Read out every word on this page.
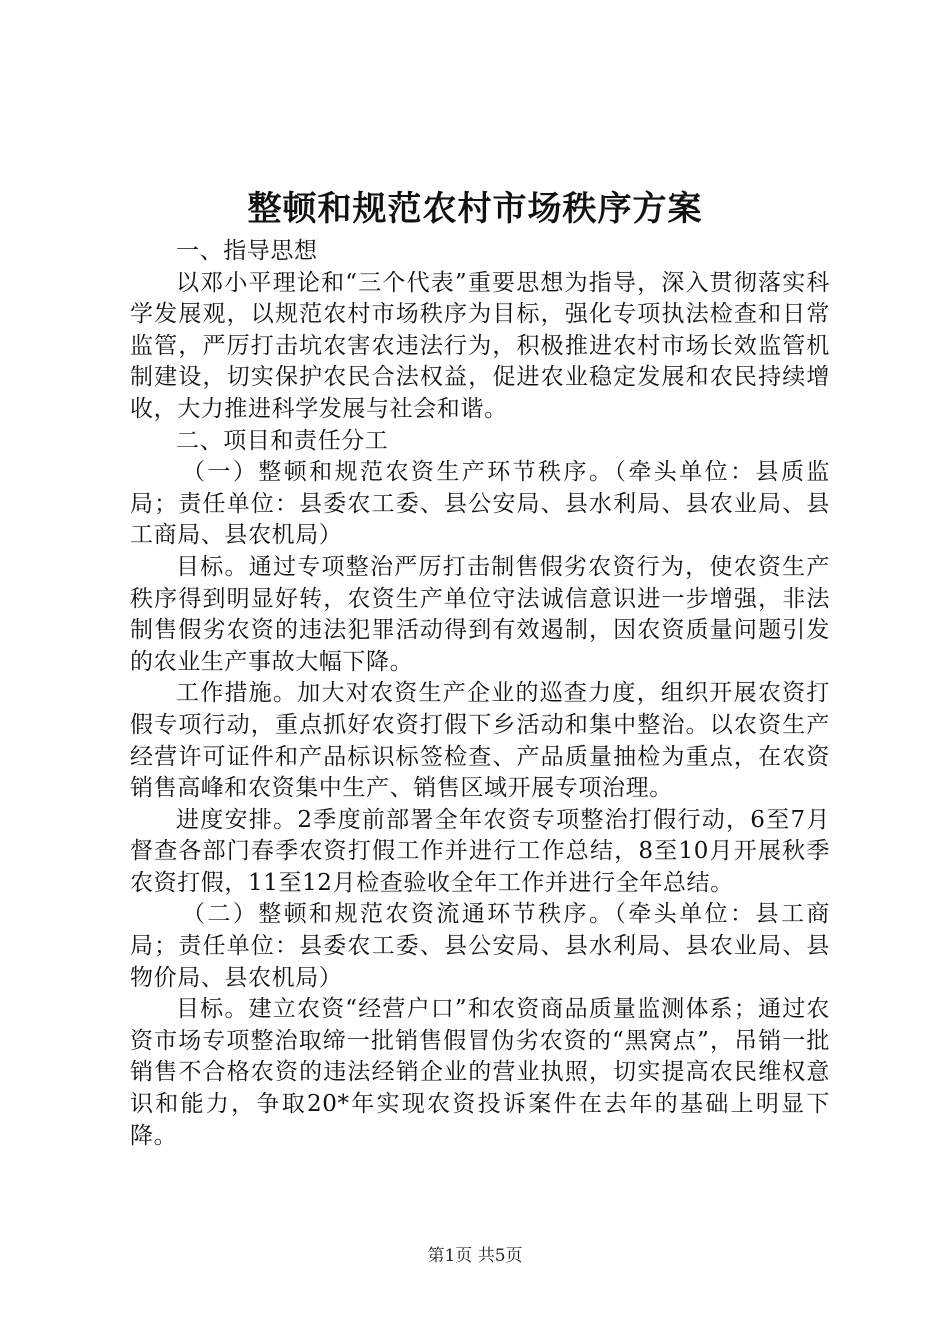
整顿和规范农村市场秩序方案

一、指导思想

以邓小平理论和“三个代表”重要思想为指导，深入贯彻落实科学发展观，以规范农村市场秩序为目标，强化专项执法检查和日常监管，严厉打击坑农害农违法行为，积极推进农村市场长效监管机制建设，切实保护农民合法权益，促进农业稳定发展和农民持续增收，大力推进科学发展与社会和谐。

二、项目和责任分工

（一）整顿和规范农资生产环节秩序。（牵头单位：县质监局；责任单位：县委农工委、县公安局、县水利局、县农业局、县工商局、县农机局）

目标。通过专项整治严厉打击制售假劣农资行为，使农资生产秩序得到明显好转，农资生产单位守法诚信意识进一步增强，非法制售假劣农资的违法犯罪活动得到有效遏制，因农资质量问题引发的农业生产事故大幅下降。

工作措施。加大对农资生产企业的巡查力度，组织开展农资打假专项行动，重点抓好农资打假下乡活动和集中整治。以农资生产经营许可证件和产品标识标签检查、产品质量抽检为重点，在农资销售高峰和农资集中生产、销售区域开展专项治理。

进度安排。2季度前部署全年农资专项整治打假行动，6至7月督查各部门春季农资打假工作并进行工作总结，8至10月开展秋季农资打假，11至12月检查验收全年工作并进行全年总结。

（二）整顿和规范农资流通环节秩序。（牵头单位：县工商局；责任单位：县委农工委、县公安局、县水利局、县农业局、县物价局、县农机局）

目标。建立农资“经营户口”和农资商品质量监测体系；通过农资市场专项整治取缔一批销售假冒伪劣农资的“黑窝点”，吊销一批销售不合格农资的违法经销企业的营业执照，切实提高农民维权意识和能力，争取20*年实现农资投诉案件在去年的基础上明显下降。

第1页 共5页
